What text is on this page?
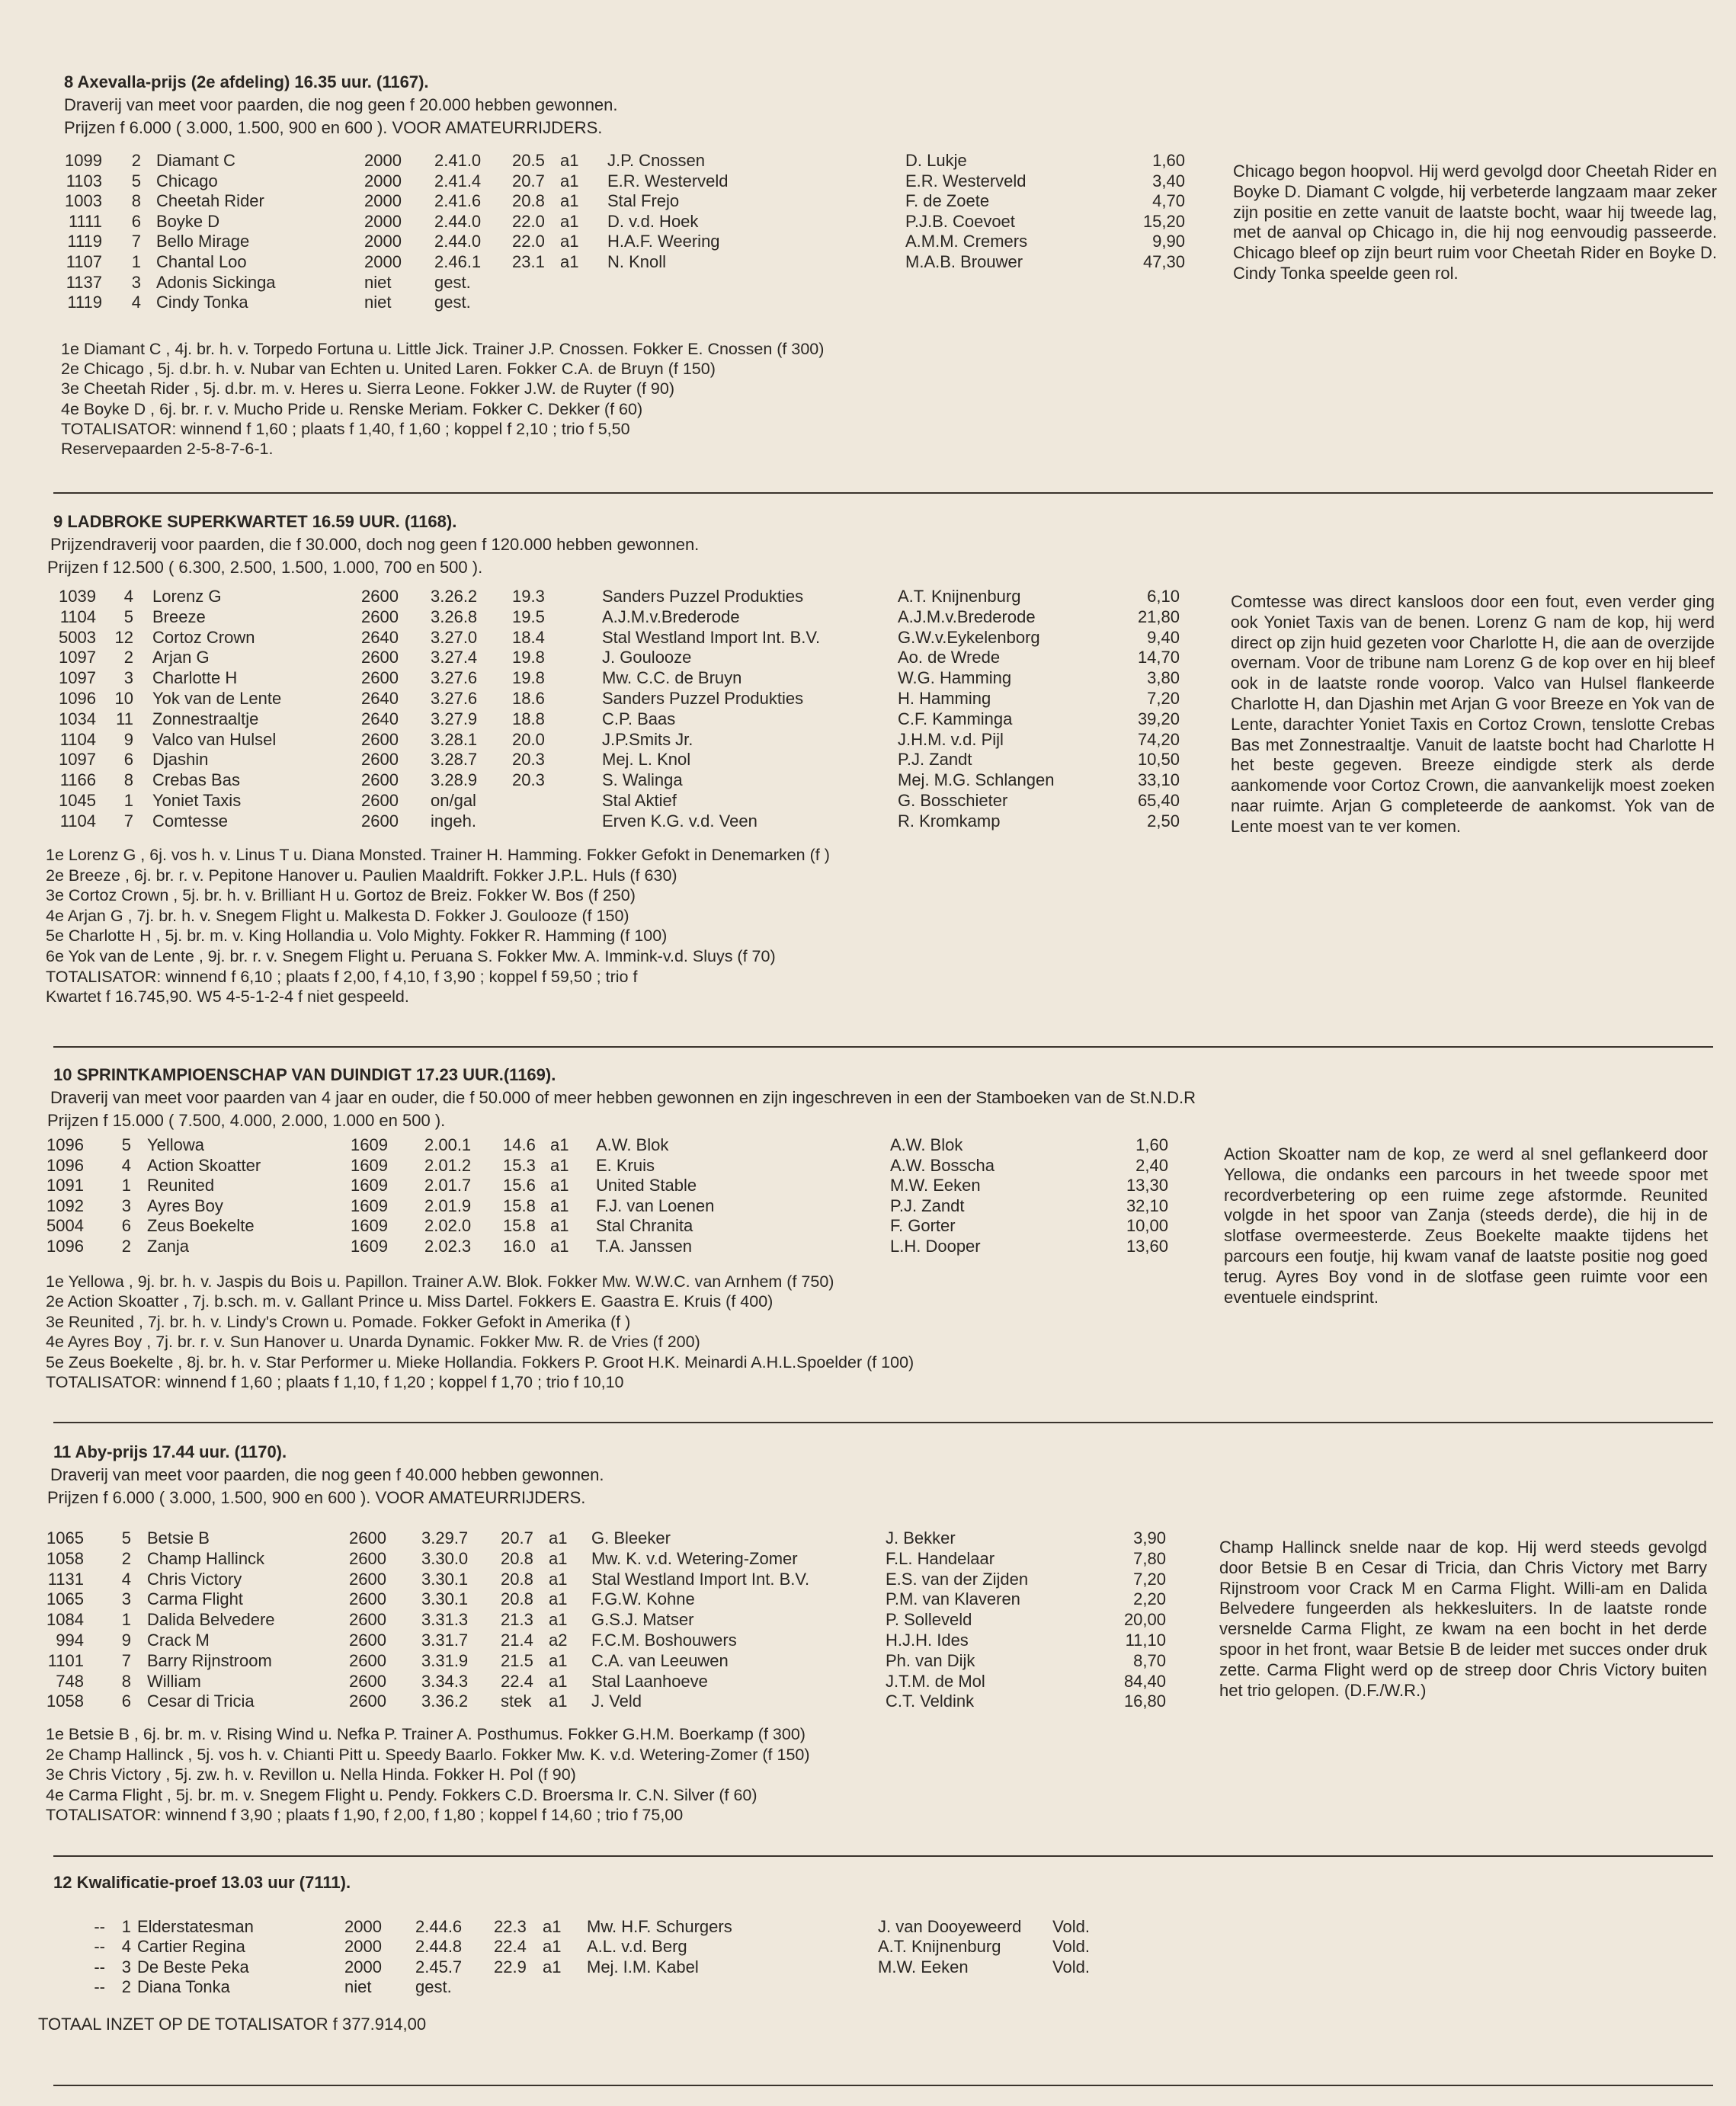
8 Axevalla-prijs (2e afdeling) 16.35 uur. (1167).
Draverij van meet voor paarden, die nog geen f 20.000 hebben gewonnen.
Prijzen f 6.000 ( 3.000, 1.500, 900 en 600 ). VOOR AMATEURRIJDERS.
1099	2 Diamant C	2000 2.41.0 20.5 a1 J.P. Cnossen	D. Lukje	1,60
1103	5 Chicago	2000 2.41.4 20.7 a1 E.R. Westerveld	E.R. Westerveld	3,40
1003	8 Cheetah Rider	2000 2.41.6 20.8 a1 Stal Frejo	F. de Zoete	4,70
1111	6 Boyke D	2000 2.44.0 22.0 a1 D. v.d. Hoek	P.J.B. Coevoet	15,20
1119	7 Bello Mirage	2000 2.44.0 22.0 a1 H.A.F. Weering	A.M.M. Cremers	9,90
1107	1 Chantal Loo	2000 2.46.1 23.1 a1 N. Knoll	M.A.B. Brouwer	47,30
1137	3 Adonis Sickinga	niet	gest.
1119	4 Cindy Tonka	niet	gest.
Chicago begon hoopvol. Hij werd gevolgd door Cheetah Rider en Boyke D. Diamant C volgde, hij verbeterde langzaam maar zeker zijn positie en zette vanuit de laatste bocht, waar hij tweede lag, met de aanval op Chicago in, die hij nog eenvoudig passeerde. Chicago bleef op zijn beurt ruim voor Cheetah Rider en Boyke D. Cindy Tonka speelde geen rol.
1e Diamant C , 4j. br. h. v. Torpedo Fortuna u. Little Jick. Trainer J.P. Cnossen. Fokker E. Cnossen (f 300)
2e Chicago , 5j. d.br. h. v. Nubar van Echten u. United Laren. Fokker C.A. de Bruyn (f 150)
3e Cheetah Rider , 5j. d.br. m. v. Heres u. Sierra Leone. Fokker J.W. de Ruyter (f 90)
4e Boyke D , 6j. br. r. v. Mucho Pride u. Renske Meriam. Fokker C. Dekker (f 60)
TOTALISATOR: winnend f 1,60 ; plaats f 1,40, f 1,60 ; koppel f 2,10 ; trio f 5,50
Reservepaarden 2-5-8-7-6-1.
9 LADBROKE SUPERKWARTET 16.59 UUR. (1168).
Prijzendraverij voor paarden, die f 30.000, doch nog geen f 120.000 hebben gewonnen.
Prijzen f 12.500 ( 6.300, 2.500, 1.500, 1.000, 700 en 500 ).
1039	4 Lorenz G	2600 3.26.2 19.3	Sanders Puzzel Produkties	A.T. Knijnenburg	6,10
1104	5 Breeze	2600 3.26.8 19.5	A.J.M.v.Brederode	A.J.M.v.Brederode	21,80
5003	12 Cortoz Crown	2640 3.27.0 18.4	Stal Westland Import Int. B.V.	G.W.v.Eykelenborg	9,40
1097	2 Arjan G	2600 3.27.4 19.8	J. Goulooze	Ao. de Wrede	14,70
1097	3 Charlotte H	2600 3.27.6 19.8	Mw. C.C. de Bruyn	W.G. Hamming	3,80
1096	10 Yok van de Lente	2640 3.27.6 18.6	Sanders Puzzel Produkties	H. Hamming	7,20
1034	11 Zonnestraaltje	2640 3.27.9 18.8	C.P. Baas	C.F. Kamminga	39,20
1104	9 Valco van Hulsel	2600 3.28.1 20.0	J.P.Smits Jr.	J.H.M. v.d. Pijl	74,20
1097	6 Djashin	2600 3.28.7 20.3	Mej. L. Knol	P.J. Zandt	10,50
1166	8 Crebas Bas	2600 3.28.9 20.3	S. Walinga	Mej. M.G. Schlangen	33,10
1045	1 Yoniet Taxis	2600 on/gal	Stal Aktief	G. Bosschieter	65,40
1104	7 Comtesse	2600 ingeh.	Erven K.G. v.d. Veen	R. Kromkamp	2,50
Comtesse was direct kansloos door een fout, even verder ging ook Yoniet Taxis van de benen. Lorenz G nam de kop, hij werd direct op zijn huid gezeten voor Charlotte H, die aan de overzijde overnam. Voor de tribune nam Lorenz G de kop over en hij bleef ook in de laatste ronde voorop. Valco van Hulsel flankeerde Charlotte H, dan Djashin met Arjan G voor Breeze en Yok van de Lente, darachter Yoniet Taxis en Cortoz Crown, tenslotte Crebas Bas met Zonnestraaltje. Vanuit de laatste bocht had Charlotte H het beste gegeven. Breeze eindigde sterk als derde aankomende voor Cortoz Crown, die aanvankelijk moest zoeken naar ruimte. Arjan G completeerde de aankomst. Yok van de Lente moest van te ver komen.
1e Lorenz G , 6j. vos h. v. Linus T u. Diana Monsted. Trainer H. Hamming. Fokker Gefokt in Denemarken (f )
2e Breeze , 6j. br. r. v. Pepitone Hanover u. Paulien Maaldrift. Fokker J.P.L. Huls (f 630)
3e Cortoz Crown , 5j. br. h. v. Brilliant H u. Gortoz de Breiz. Fokker W. Bos (f 250)
4e Arjan G , 7j. br. h. v. Snegem Flight u. Malkesta D. Fokker J. Goulooze (f 150)
5e Charlotte H , 5j. br. m. v. King Hollandia u. Volo Mighty. Fokker R. Hamming (f 100)
6e Yok van de Lente , 9j. br. r. v. Snegem Flight u. Peruana S. Fokker Mw. A. Immink-v.d. Sluys (f 70)
TOTALISATOR: winnend f 6,10 ; plaats f 2,00, f 4,10, f 3,90 ; koppel f 59,50 ; trio f
Kwartet f 16.745,90. W5 4-5-1-2-4 f niet gespeeld.
10 SPRINTKAMPIOENSCHAP VAN DUINDIGT 17.23 UUR.(1169).
Draverij van meet voor paarden van 4 jaar en ouder, die f 50.000 of meer hebben gewonnen en zijn ingeschreven in een der Stamboeken van de St.N.D.R
Prijzen f 15.000 ( 7.500, 4.000, 2.000, 1.000 en 500 ).
1096	5 Yellowa	1609 2.00.1 14.6 a1 A.W. Blok	A.W. Blok	1,60
1096	4 Action Skoatter	1609 2.01.2 15.3 a1 E. Kruis	A.W. Bosscha	2,40
1091	1 Reunited	1609 2.01.7 15.6 a1 United Stable	M.W. Eeken	13,30
1092	3 Ayres Boy	1609 2.01.9 15.8 a1 F.J. van Loenen	P.J. Zandt	32,10
5004	6 Zeus Boekelte	1609 2.02.0 15.8 a1 Stal Chranita	F. Gorter	10,00
1096	2 Zanja	1609 2.02.3 16.0 a1 T.A. Janssen	L.H. Dooper	13,60
Action Skoatter nam de kop, ze werd al snel geflankeerd door Yellowa, die ondanks een parcours in het tweede spoor met recordverbetering op een ruime zege afstormde. Reunited volgde in het spoor van Zanja (steeds derde), die hij in de slotfase overmeesterde. Zeus Boekelte maakte tijdens het parcours een foutje, hij kwam vanaf de laatste positie nog goed terug. Ayres Boy vond in de slotfase geen ruimte voor een eventuele eindsprint.
1e Yellowa , 9j. br. h. v. Jaspis du Bois u. Papillon. Trainer A.W. Blok. Fokker Mw. W.W.C. van Arnhem (f 750)
2e Action Skoatter , 7j. b.sch. m. v. Gallant Prince u. Miss Dartel. Fokkers E. Gaastra E. Kruis (f 400)
3e Reunited , 7j. br. h. v. Lindy's Crown u. Pomade. Fokker Gefokt in Amerika (f )
4e Ayres Boy , 7j. br. r. v. Sun Hanover u. Unarda Dynamic. Fokker Mw. R. de Vries (f 200)
5e Zeus Boekelte , 8j. br. h. v. Star Performer u. Mieke Hollandia. Fokkers P. Groot H.K. Meinardi A.H.L.Spoelder (f 100)
TOTALISATOR: winnend f 1,60 ; plaats f 1,10, f 1,20 ; koppel f 1,70 ; trio f 10,10
11 Aby-prijs 17.44 uur. (1170).
Draverij van meet voor paarden, die nog geen f 40.000 hebben gewonnen.
Prijzen f 6.000 ( 3.000, 1.500, 900 en 600 ). VOOR AMATEURRIJDERS.
1065	5 Betsie B	2600 3.29.7 20.7 a1 G. Bleeker	J. Bekker	3,90
1058	2 Champ Hallinck	2600 3.30.0 20.8 a1 Mw. K. v.d. Wetering-Zomer	F.L. Handelaar	7,80
1131	4 Chris Victory	2600 3.30.1 20.8 a1 Stal Westland Import Int. B.V.	E.S. van der Zijden	7,20
1065	3 Carma Flight	2600 3.30.1 20.8 a1 F.G.W. Kohne	P.M. van Klaveren	2,20
1084	1 Dalida Belvedere	2600 3.31.3 21.3 a1 G.S.J. Matser	P. Solleveld	20,00
994	9 Crack M	2600 3.31.7 21.4 a2 F.C.M. Boshouwers	H.J.H. Ides	11,10
1101	7 Barry Rijnstroom	2600 3.31.9 21.5 a1 C.A. van Leeuwen	Ph. van Dijk	8,70
748	8 William	2600 3.34.3 22.4 a1 Stal Laanhoeve	J.T.M. de Mol	84,40
1058	6 Cesar di Tricia	2600 3.36.2 stek a1 J. Veld	C.T. Veldink	16,80
Champ Hallinck snelde naar de kop. Hij werd steeds gevolgd door Betsie B en Cesar di Tricia, dan Chris Victory met Barry Rijnstroom voor Crack M en Carma Flight. Willi-am en Dalida Belvedere fungeerden als hekkesluiters. In de laatste ronde versnelde Carma Flight, ze kwam na een bocht in het derde spoor in het front, waar Betsie B de leider met succes onder druk zette. Carma Flight werd op de streep door Chris Victory buiten het trio gelopen. (D.F./W.R.)
1e Betsie B , 6j. br. m. v. Rising Wind u. Nefka P. Trainer A. Posthumus. Fokker G.H.M. Boerkamp (f 300)
2e Champ Hallinck , 5j. vos h. v. Chianti Pitt u. Speedy Baarlo. Fokker Mw. K. v.d. Wetering-Zomer (f 150)
3e Chris Victory , 5j. zw. h. v. Revillon u. Nella Hinda. Fokker H. Pol (f 90)
4e Carma Flight , 5j. br. m. v. Snegem Flight u. Pendy. Fokkers C.D. Broersma Ir. C.N. Silver (f 60)
TOTALISATOR: winnend f 3,90 ; plaats f 1,90, f 2,00, f 1,80 ; koppel f 14,60 ; trio f 75,00
12 Kwalificatie-proef 13.03 uur (7111).
-- 1 Elderstatesman	2000 2.44.6 22.3 a1 Mw. H.F. Schurgers	J. van Dooyeweerd	Vold.
-- 4 Cartier Regina	2000 2.44.8 22.4 a1 A.L. v.d. Berg	A.T. Knijnenburg	Vold.
-- 3 De Beste Peka	2000 2.45.7 22.9 a1 Mej. I.M. Kabel	M.W. Eeken	Vold.
-- 2 Diana Tonka	niet	gest.
TOTAAL INZET OP DE TOTALISATOR f 377.914,00
